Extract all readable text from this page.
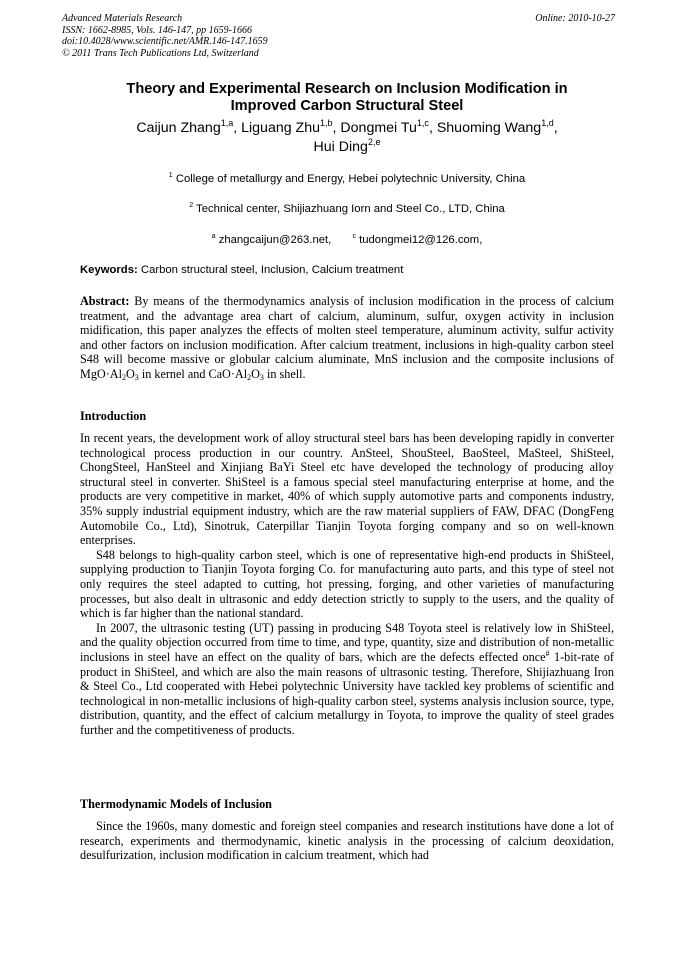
Advanced Materials Research
ISSN: 1662-8985, Vols. 146-147, pp 1659-1666
doi:10.4028/www.scientific.net/AMR.146-147.1659
© 2011 Trans Tech Publications Ltd, Switzerland
Online: 2010-10-27
Theory and Experimental Research on Inclusion Modification in
Improved Carbon Structural Steel
Caijun Zhang$^{1,a}$, Liguang Zhu$^{1,b}$, Dongmei Tu$^{1,c}$, Shuoming Wang$^{1,d}$,
Hui Ding$^{2,e}$
$^1$ College of metallurgy and Energy, Hebei polytechnic University, China
$^2$ Technical center, Shijiazhuang Iorn and Steel Co., LTD, China
$^a$ zhangcaijun@263.net,	$^c$ tudongmei12@126.com,
Keywords: Carbon structural steel, Inclusion, Calcium treatment
Abstract: By means of the thermodynamics analysis of inclusion modification in the process of calcium treatment, and the advantage area chart of calcium, aluminum, sulfur, oxygen activity in inclusion midification, this paper analyzes the effects of molten steel temperature, aluminum activity, sulfur activity and other factors on inclusion modification. After calcium treatment, inclusions in high-quality carbon steel S48 will become massive or globular calcium aluminate, MnS inclusion and the composite inclusions of $MgO\cdot Al_2O_3$ in kernel and $CaO\cdot Al_2O_3$ in shell.
Introduction

In recent years, the development work of alloy structural steel bars has been developing rapidly in converter technological process production in our country. AnSteel, ShouSteel, BaoSteel, MaSteel, ShiSteel, ChongSteel, HanSteel and Xinjiang BaYi Steel etc have developed the technology of producing alloy structural steel in converter. ShiSteel is a famous special steel manufacturing enterprise at home, and the products are very competitive in market, 40% of which supply automotive parts and components industry, 35% supply industrial equipment industry, which are the raw material suppliers of FAW, DFAC (DongFeng Automobile Co., Ltd), Sinotruk, Caterpillar Tianjin Toyota forging company and so on well-known enterprises.

S48 belongs to high-quality carbon steel, which is one of representative high-end products in ShiSteel, supplying production to Tianjin Toyota forging Co. for manufacturing auto parts, and this type of steel not only requires the steel adapted to cutting, hot pressing, forging, and other varieties of manufacturing processes, but also dealt in ultrasonic and eddy detection strictly to supply to the users, and the quality of which is far higher than the national standard.

In 2007, the ultrasonic testing (UT) passing in producing S48 Toyota steel is relatively low in ShiSteel, and the quality objection occurred from time to time, and type, quantity, size and distribution of non-metallic inclusions in steel have an effect on the quality of bars, which are the defects effected once# 1-bit-rate of product in ShiSteel, and which are also the main reasons of ultrasonic testing. Therefore, Shijiazhuang Iron & Steel Co., Ltd cooperated with Hebei polytechnic University have tackled key problems of scientific and technological in non-metallic inclusions of high-quality carbon steel, systems analysis inclusion source, type, distribution, quantity, and the effect of calcium metallurgy in Toyota, to improve the quality of steel grades further and the competitiveness of products.

Thermodynamic Models of Inclusion

Since the 1960s, many domestic and foreign steel companies and research institutions have done a lot of research, experiments and thermodynamic, kinetic analysis in the processing of calcium deoxidation, desulfurization, inclusion modification in calcium treatment, which had
